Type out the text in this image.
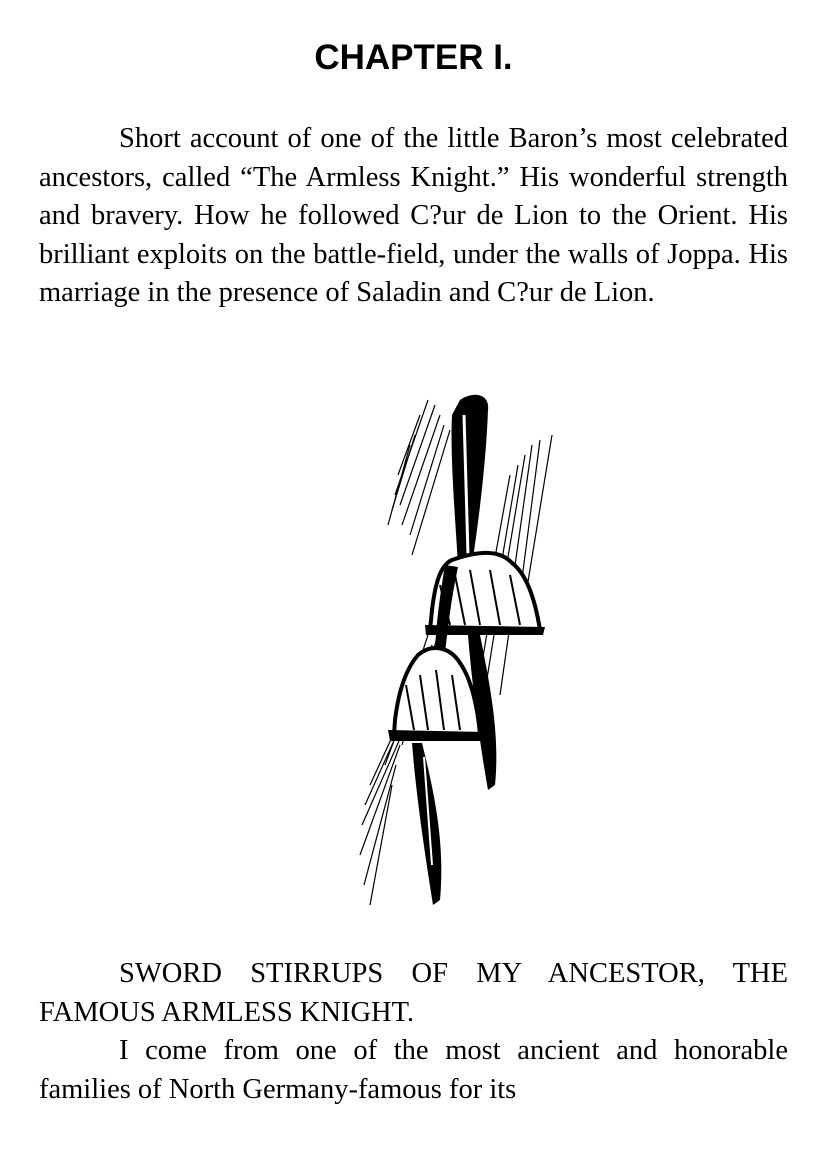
CHAPTER I.

Short account of one of the little Baron’s most celebrated ancestors, called “The Armless Knight.” His wonderful strength and bravery. How he followed C?ur de Lion to the Orient. His brilliant exploits on the battle-field, under the walls of Joppa. His marriage in the presence of Saladin and C?ur de Lion.

SWORD STIRRUPS OF MY ANCESTOR, THE FAMOUS ARMLESS KNIGHT.

I come from one of the most ancient and honorable families of North Germany-famous for its
